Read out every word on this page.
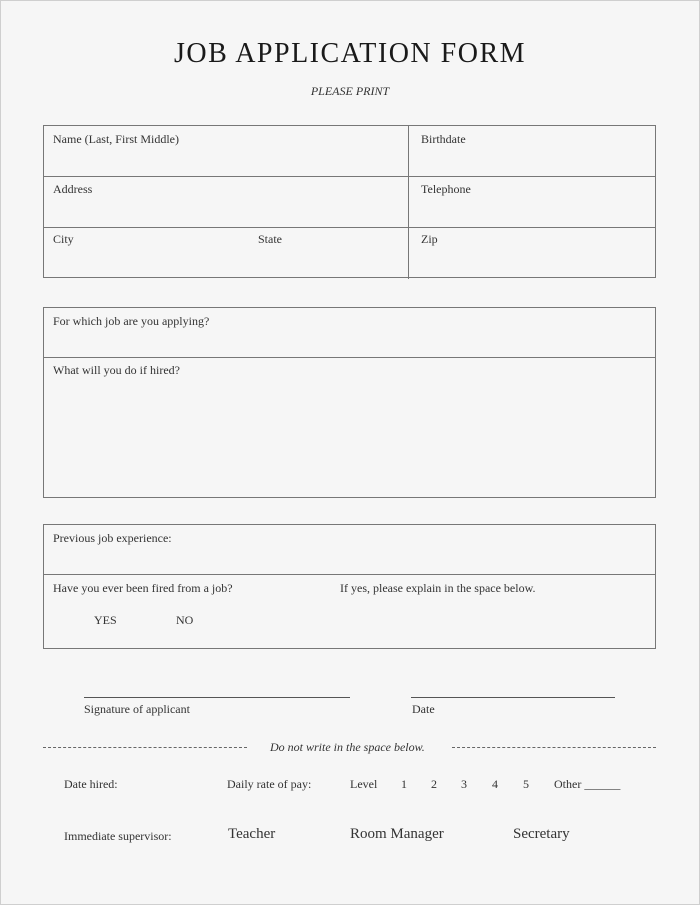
JOB APPLICATION FORM
PLEASE PRINT
Name (Last, First Middle)	Birthdate
Address	Telephone
City	State	Zip
For which job are you applying?
What will you do if hired?
Previous job experience:
Have you ever been fired from a job?	If yes, please explain in the space below.
YES	NO
Signature of applicant	Date
Do not write in the space below.
Date hired:	Daily rate of pay:	Level 1 2 3 4 5 Other ______
Immediate supervisor:	Teacher	Room Manager	Secretary
